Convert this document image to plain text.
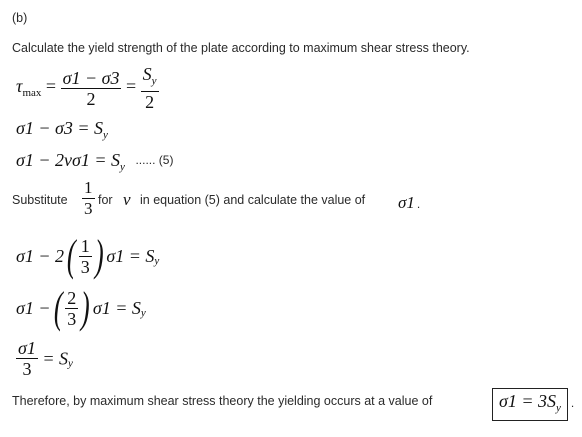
(b)
Calculate the yield strength of the plate according to maximum shear stress theory.
$\tau_{max} = \frac{\sigma 1 - \sigma 3}{2} = \frac{S_y}{2}$
$\sigma 1 - \sigma 3 = S_y$
$\sigma 1 - 2\nu\sigma 1 = S_y$ ...... (5)
Substitute $\frac{1}{3}$ for ν in equation (5) and calculate the value of σ1 .
$\sigma 1 - 2( \frac{1}{3}$ ) $\sigma 1 = S_y$
σ1 −( $\frac{2}{3}$ ) $\sigma 1 = S_y$
$\frac{\sigma 1}{3} = S_y$
Therefore, by maximum shear stress theory the yielding occurs at a value of	$\sigma 1 = 3S_y$ .
